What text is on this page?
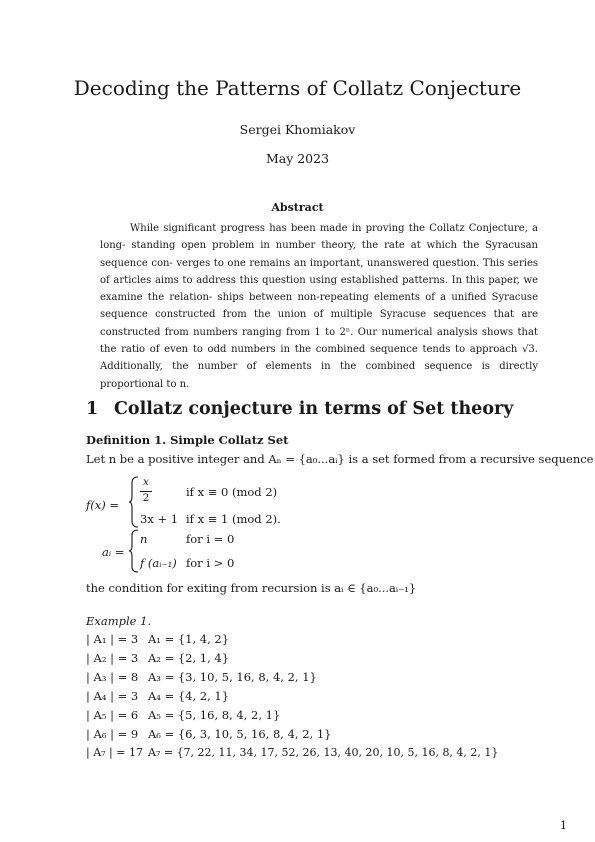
Decoding the Patterns of Collatz Conjecture
Sergei Khomiakov
May 2023
Abstract

While significant progress has been made in proving the Collatz Conjecture, a long- standing open problem in number theory, the rate at which the Syracusan sequence con- verges to one remains an important, unanswered question. This series of articles aims to address this question using established patterns. In this paper, we examine the relation- ships between non-repeating elements of a unified Syracuse sequence constructed from the union of multiple Syracuse sequences that are constructed from numbers ranging from 1 to 2ⁿ. Our numerical analysis shows that the ratio of even to odd numbers in the combined sequence tends to approach √3. Additionally, the number of elements in the combined sequence is directly proportional to n.

1 Collatz conjecture in terms of Set theory
Definition 1. Simple Collatz Set
Let n be a positive integer and Aₙ = {a₀...aᵢ} is a set formed from a recursive sequence
f(x) =
x
2	if x ≡ 0 (mod 2)
3x + 1 if x ≡ 1 (mod 2).
aᵢ =
n	for i = 0
f (aᵢ₋₁) for i > 0
the condition for exiting from recursion is aᵢ ∈ {a₀...aᵢ₋₁}
Example 1.
| A₁ | = 3 A₁ = {1, 4, 2}
| A₂ | = 3 A₂ = {2, 1, 4}
| A₃ | = 8 A₃ = {3, 10, 5, 16, 8, 4, 2, 1}
| A₄ | = 3 A₄ = {4, 2, 1}
| A₅ | = 6 A₅ = {5, 16, 8, 4, 2, 1}
| A₆ | = 9 A₆ = {6, 3, 10, 5, 16, 8, 4, 2, 1}
| A₇ | = 17 A₇ = {7, 22, 11, 34, 17, 52, 26, 13, 40, 20, 10, 5, 16, 8, 4, 2, 1}
1
